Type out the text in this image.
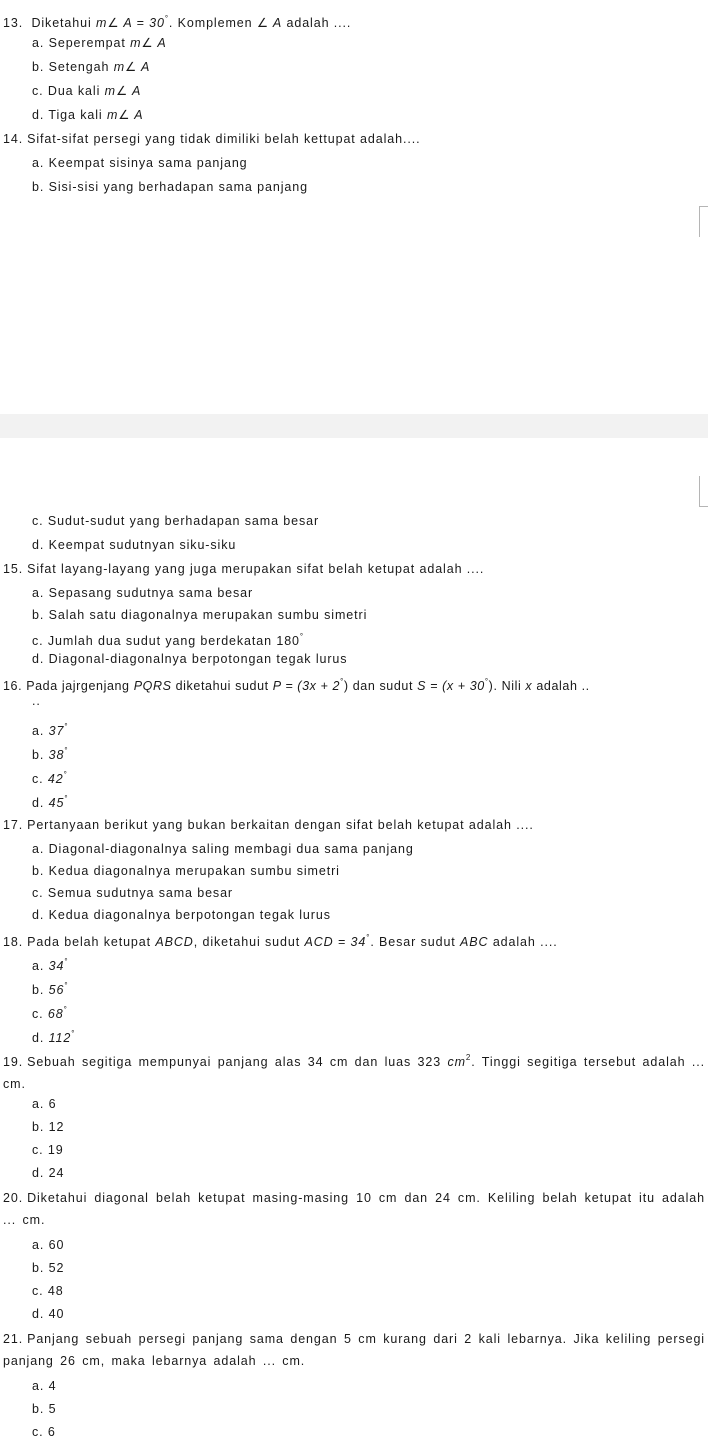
13. Diketahui m∠ A = 30°. Komplemen ∠ A adalah ....
a. Seperempat m∠ A
b. Setengah m∠ A
c. Dua kali m∠ A
d. Tiga kali m∠ A
14. Sifat-sifat persegi yang tidak dimiliki belah kettupat adalah....
a. Keempat sisinya sama panjang
b. Sisi-sisi yang berhadapan sama panjang
c. Sudut-sudut yang berhadapan sama besar
d. Keempat sudutnyan siku-siku
15. Sifat layang-layang yang juga merupakan sifat belah ketupat adalah ....
a. Sepasang sudutnya sama besar
b. Salah satu diagonalnya merupakan sumbu simetri
c. Jumlah dua sudut yang berdekatan 180°
d. Diagonal-diagonalnya berpotongan tegak lurus
16. Pada jajrgenjang PQRS diketahui sudut P = (3x + 2°) dan sudut S = (x + 30°). Nili x adalah ..
..
a. 37°
b. 38°
c. 42°
d. 45°
17. Pertanyaan berikut yang bukan berkaitan dengan sifat belah ketupat adalah ....
a. Diagonal-diagonalnya saling membagi dua sama panjang
b. Kedua diagonalnya merupakan sumbu simetri
c. Semua sudutnya sama besar
d. Kedua diagonalnya berpotongan tegak lurus
18. Pada belah ketupat ABCD, diketahui sudut ACD = 34°. Besar sudut ABC adalah ....
a. 34°
b. 56°
c. 68°
d. 112°
19. Sebuah segitiga mempunyai panjang alas 34 cm dan luas 323 $cm^2$. Tinggi segitiga tersebut adalah ... cm.
a. 6
b. 12
c. 19
d. 24
20. Diketahui diagonal belah ketupat masing-masing 10 cm dan 24 cm. Keliling belah ketupat itu adalah ... cm.
a. 60
b. 52
c. 48
d. 40
21. Panjang sebuah persegi panjang sama dengan 5 cm kurang dari 2 kali lebarnya. Jika keliling persegi panjang 26 cm, maka lebarnya adalah ... cm.
a. 4
b. 5
c. 6
